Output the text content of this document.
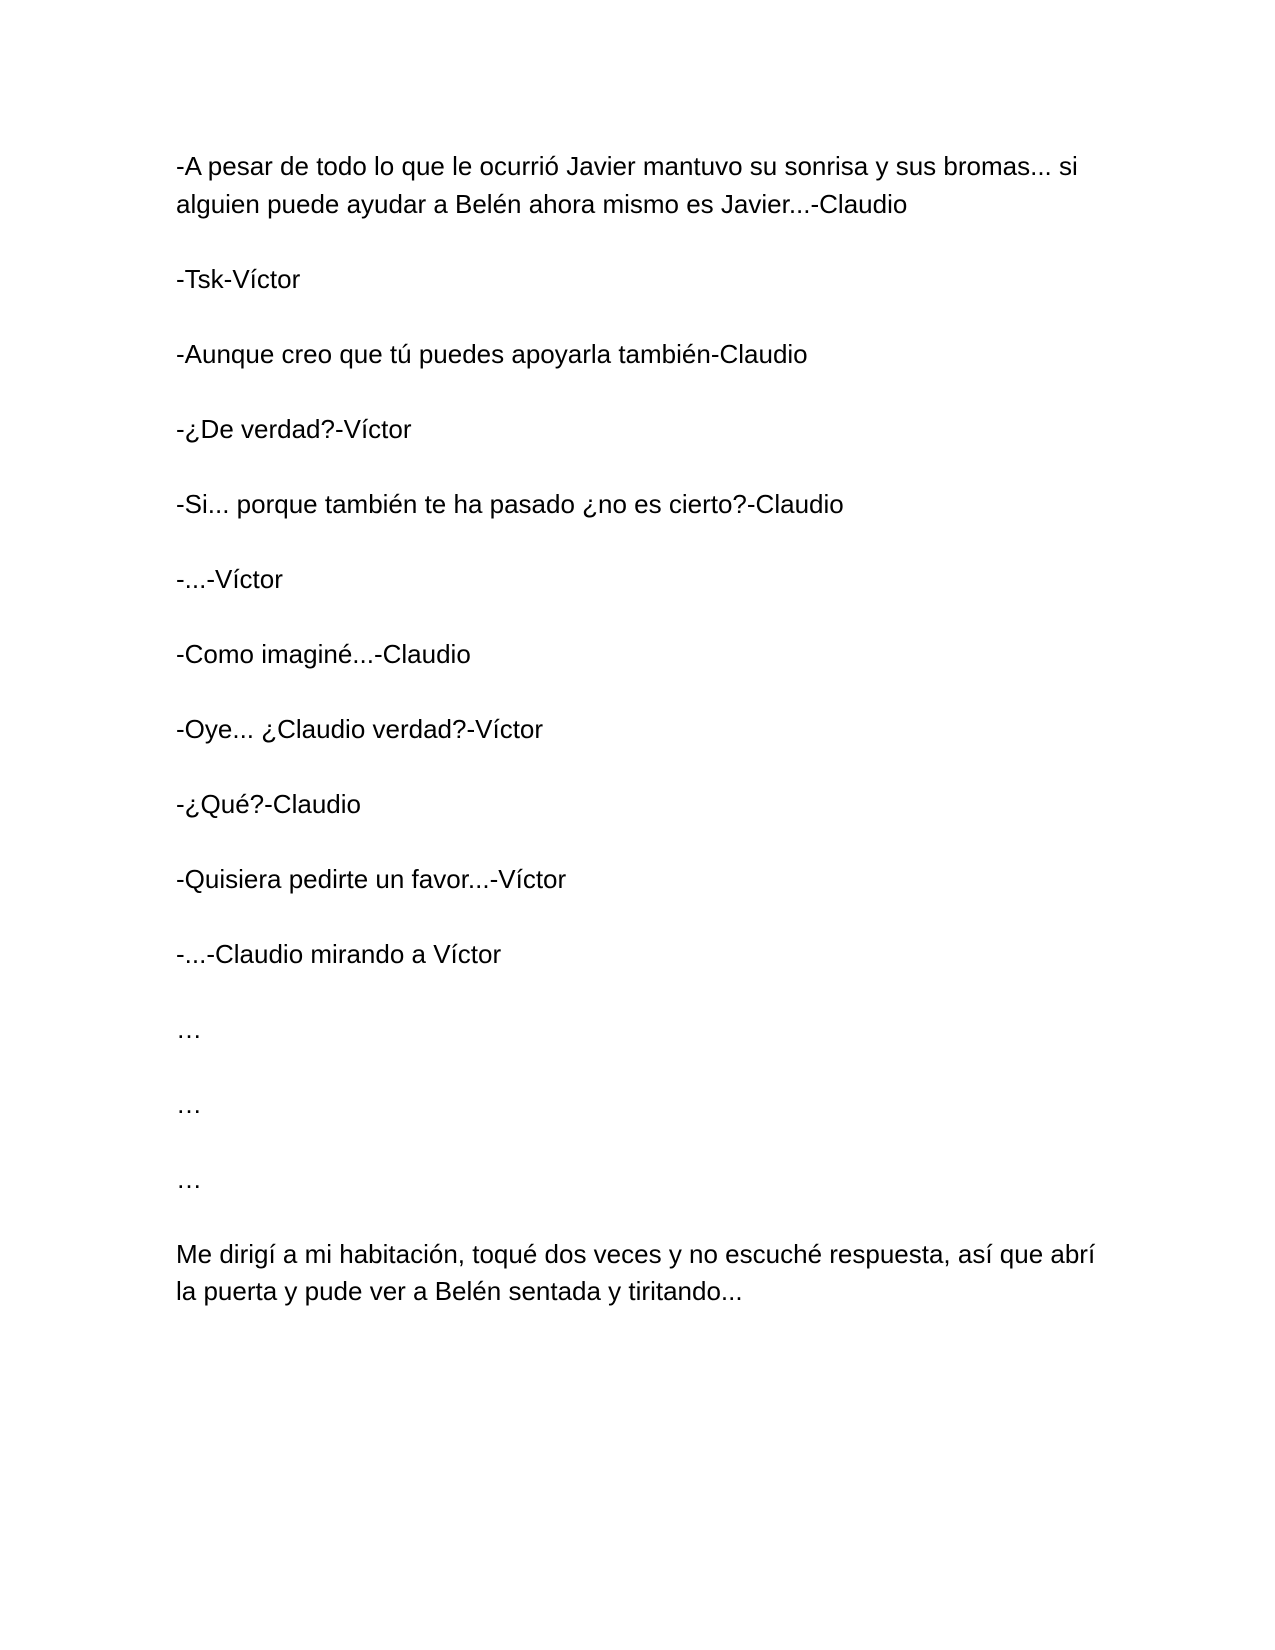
-A pesar de todo lo que le ocurrió Javier mantuvo su sonrisa y sus bromas... si alguien puede ayudar a Belén ahora mismo es Javier...-Claudio

-Tsk-Víctor

-Aunque creo que tú puedes apoyarla también-Claudio

-¿De verdad?-Víctor

-Si... porque también te ha pasado ¿no es cierto?-Claudio

-...-Víctor

-Como imaginé...-Claudio

-Oye... ¿Claudio verdad?-Víctor

-¿Qué?-Claudio

-Quisiera pedirte un favor...-Víctor

-...-Claudio mirando a Víctor

…

…

…

Me dirigí a mi habitación, toqué dos veces y no escuché respuesta, así que abrí la puerta y pude ver a Belén sentada y tiritando...
